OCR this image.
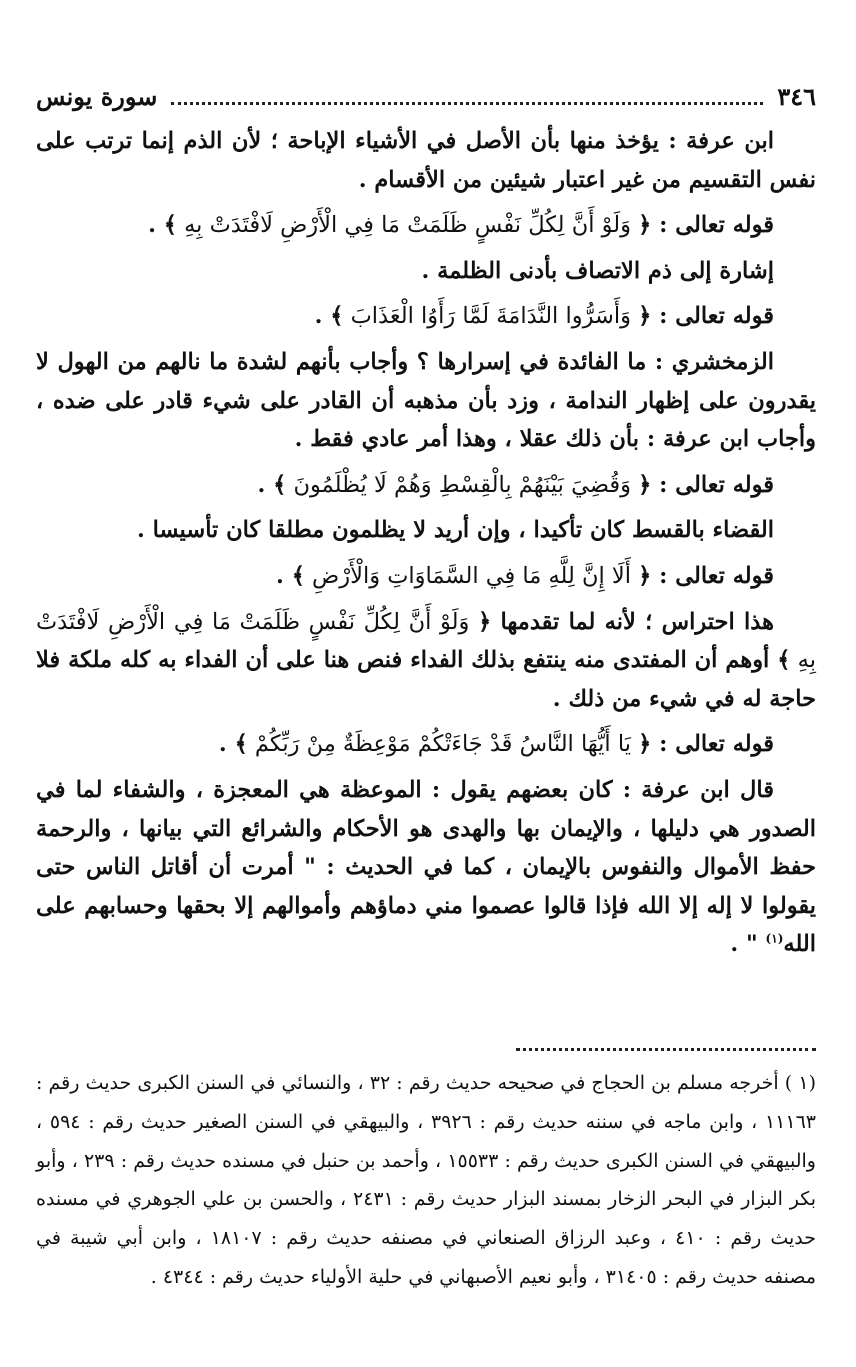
٣٤٦
سورة يونس

ابن عرفة : يؤخذ منها بأن الأصل في الأشياء الإباحة ؛ لأن الذم إنما ترتب على نفس التقسيم من غير اعتبار شيئين من الأقسام .

قوله تعالى : ﴿ وَلَوْ أَنَّ لِكُلِّ نَفْسٍ ظَلَمَتْ مَا فِي الْأَرْضِ لَافْتَدَتْ بِهِ ﴾ .

إشارة إلى ذم الاتصاف بأدنى الظلمة .

قوله تعالى : ﴿ وَأَسَرُّوا النَّدَامَةَ لَمَّا رَأَوُا الْعَذَابَ ﴾ .

الزمخشري : ما الفائدة في إسرارها ؟ وأجاب بأنهم لشدة ما نالهم من الهول لا يقدرون على إظهار الندامة ، وزد بأن مذهبه أن القادر على شيء قادر على ضده ، وأجاب ابن عرفة : بأن ذلك عقلا ، وهذا أمر عادي فقط .

قوله تعالى : ﴿ وَقُضِيَ بَيْنَهُمْ بِالْقِسْطِ وَهُمْ لَا يُظْلَمُونَ ﴾ .

القضاء بالقسط كان تأكيدا ، وإن أريد لا يظلمون مطلقا كان تأسيسا .

قوله تعالى : ﴿ أَلَا إِنَّ لِلَّهِ مَا فِي السَّمَاوَاتِ وَالْأَرْضِ ﴾ .

هذا احتراس ؛ لأنه لما تقدمها ﴿ وَلَوْ أَنَّ لِكُلِّ نَفْسٍ ظَلَمَتْ مَا فِي الْأَرْضِ لَافْتَدَتْ بِهِ ﴾ أوهم أن المفتدى منه ينتفع بذلك الفداء فنص هنا على أن الفداء به كله ملكة فلا حاجة له في شيء من ذلك .

قوله تعالى : ﴿ يَا أَيُّهَا النَّاسُ قَدْ جَاءَتْكُمْ مَوْعِظَةٌ مِنْ رَبِّكُمْ ﴾ .

قال ابن عرفة : كان بعضهم يقول : الموعظة هي المعجزة ، والشفاء لما في الصدور هي دليلها ، والإيمان بها والهدى هو الأحكام والشرائع التي بيانها ، والرحمة حفظ الأموال والنفوس بالإيمان ، كما في الحديث : " أمرت أن أقاتل الناس حتى يقولوا لا إله إلا الله فإذا قالوا عصموا مني دماؤهم وأموالهم إلا بحقها وحسابهم على الله$^{(١)}$ " .

(١ ) أخرجه مسلم بن الحجاج في صحيحه حديث رقم : ٣٢ ، والنسائي في السنن الكبرى حديث رقم : ١١١٦٣ ، وابن ماجه في سننه حديث رقم : ٣٩٢٦ ، والبيهقي في السنن الصغير حديث رقم : ٥٩٤ ، والبيهقي في السنن الكبرى حديث رقم : ١٥٥٣٣ ، وأحمد بن حنبل في مسنده حديث رقم : ٢٣٩ ، وأبو بكر البزار في البحر الزخار بمسند البزار حديث رقم : ٢٤٣١ ، والحسن بن علي الجوهري في مسنده حديث رقم : ٤١٠ ، وعبد الرزاق الصنعاني في مصنفه حديث رقم : ١٨١٠٧ ، وابن أبي شيبة في مصنفه حديث رقم : ٣١٤٠٥ ، وأبو نعيم الأصبهاني في حلية الأولياء حديث رقم : ٤٣٤٤ .
